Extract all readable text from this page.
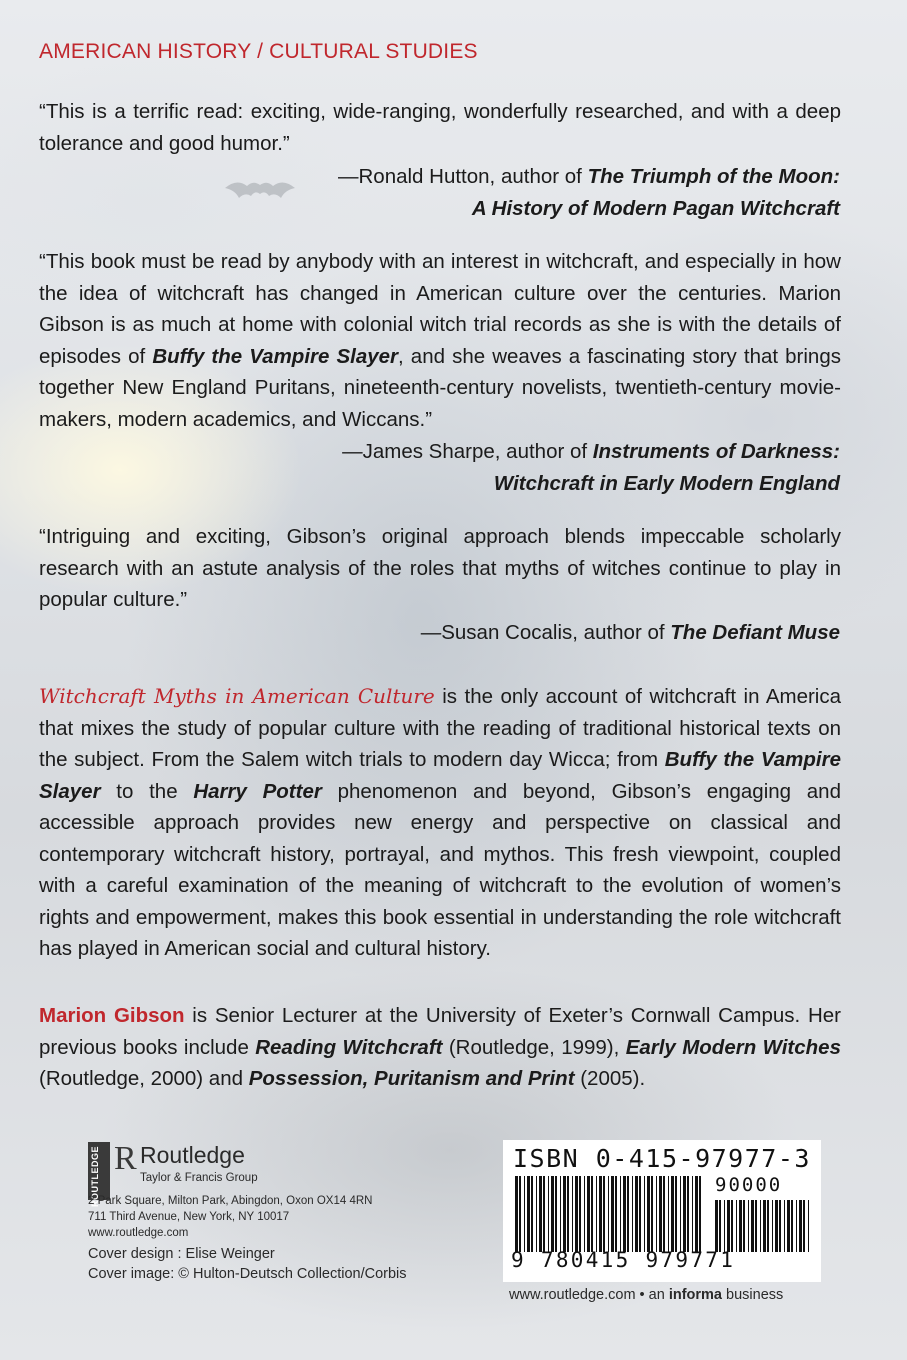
AMERICAN HISTORY / CULTURAL STUDIES

“This is a terrific read: exciting, wide-ranging, wonderfully researched, and with a deep tolerance and good humor.”

—Ronald Hutton, author of The Triumph of the Moon:
A History of Modern Pagan Witchcraft

“This book must be read by anybody with an interest in witchcraft, and especially in how the idea of witchcraft has changed in American culture over the centuries. Marion Gibson is as much at home with colonial witch trial records as she is with the details of episodes of Buffy the Vampire Slayer, and she weaves a fascinating story that brings together New England Puritans, nineteenth-century novelists, twentieth-century movie-makers, modern academics, and Wiccans.”

—James Sharpe, author of Instruments of Darkness:
Witchcraft in Early Modern England

“Intriguing and exciting, Gibson’s original approach blends impeccable scholarly research with an astute analysis of the roles that myths of witches continue to play in popular culture.”

—Susan Cocalis, author of The Defiant Muse

Witchcraft Myths in American Culture is the only account of witchcraft in America that mixes the study of popular culture with the reading of traditional historical texts on the subject. From the Salem witch trials to modern day Wicca; from Buffy the Vampire Slayer to the Harry Potter phenomenon and beyond, Gibson’s engaging and accessible approach provides new energy and perspective on classical and contemporary witchcraft history, portrayal, and mythos. This fresh viewpoint, coupled with a careful examination of the meaning of witchcraft to the evolution of women’s rights and empowerment, makes this book essential in understanding the role witchcraft has played in American social and cultural history.

Marion Gibson is Senior Lecturer at the University of Exeter’s Cornwall Campus. Her previous books include Reading Witchcraft (Routledge, 1999), Early Modern Witches (Routledge, 2000) and Possession, Puritanism and Print (2005).

ROUTLEDGE R Routledge
Taylor & Francis Group
2 Park Square, Milton Park, Abingdon, Oxon OX14 4RN
711 Third Avenue, New York, NY 10017
www.routledge.com
Cover design : Elise Weinger
Cover image: © Hulton-Deutsch Collection/Corbis
ISBN 0-415-97977-3
90000
9 780415 979771
www.routledge.com • an informa business
